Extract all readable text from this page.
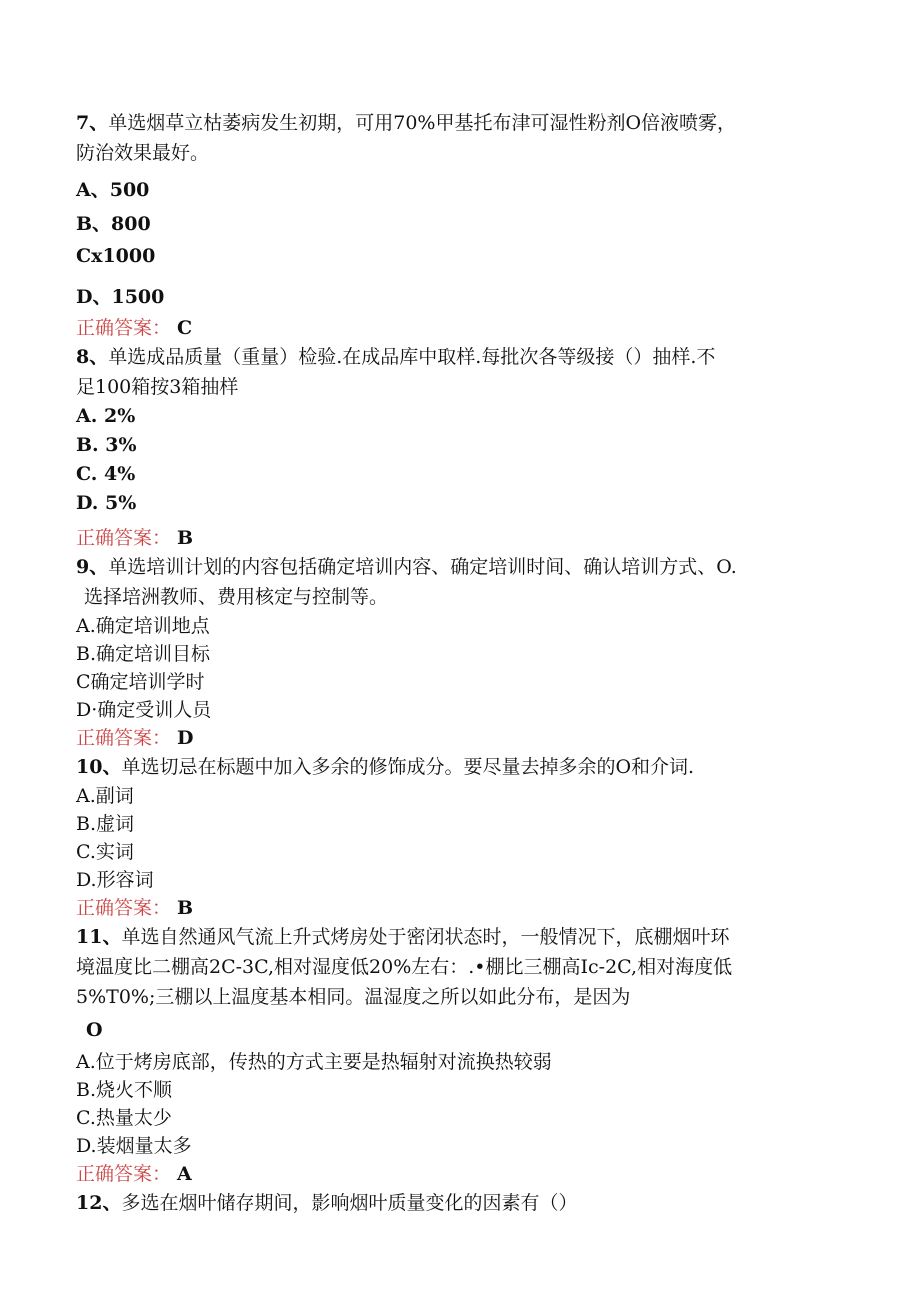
7、单选烟草立枯萎病发生初期，可用70%甲基托布津可湿性粉剂O倍液喷雾，
防治效果最好。
A、500
B、800
Cx1000
D、1500
正确答案： C
8、单选成品质量（重量）检验.在成品库中取样.每批次各等级接（）抽样.不
足100箱按3箱抽样
A. 2%
B. 3%
C. 4%
D. 5%
正确答案： B
9、单选培训计划的内容包括确定培训内容、确定培训时间、确认培训方式、O.
选择培洲教师、费用核定与控制等。
A.确定培训地点
B.确定培训目标
C确定培训学时
D·确定受训人员
正确答案： D
10、单选切忌在标题中加入多余的修饰成分。要尽量去掉多余的O和介词.
A.副词
B.虚词
C.实词
D.形容词
正确答案： B
11、单选自然通风气流上升式烤房处于密闭状态时，一般情况下，底棚烟叶环
境温度比二棚高2C-3C,相对湿度低20%左右：.•棚比三棚高Ic-2C,相对海度低
5%T0%;三棚以上温度基本相同。温湿度之所以如此分布，是因为
O
A.位于烤房底部，传热的方式主要是热辐射对流换热较弱
B.烧火不顺
C.热量太少
D.装烟量太多
正确答案： A
12、多选在烟叶储存期间，影响烟叶质量变化的因素有（）
